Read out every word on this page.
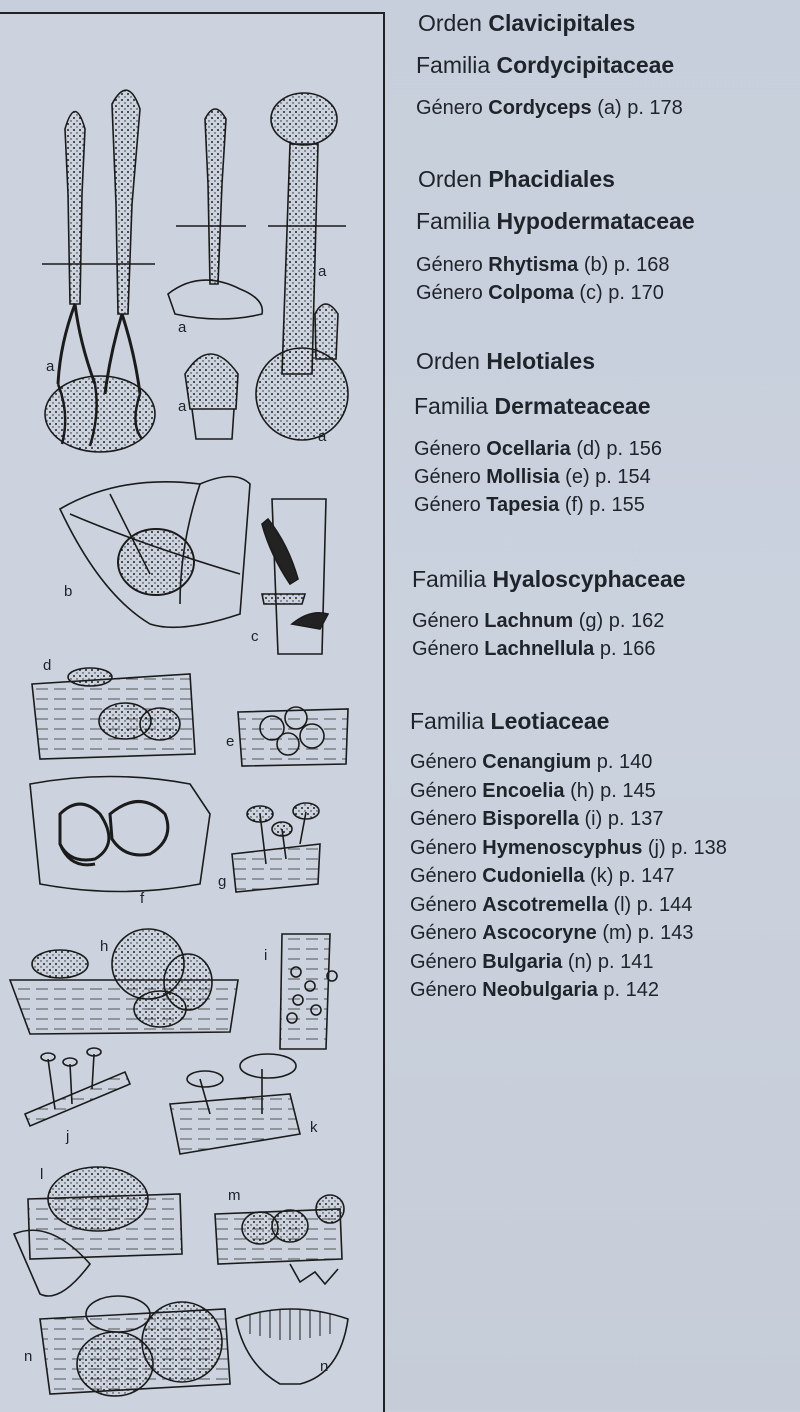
a
a
a
a
a
b
c
d
e
f
g
h
i
j
k
l
m
n
n
Orden Clavicipitales
Familia Cordycipitaceae
Género Cordyceps (a) p. 178
Orden Phacidiales
Familia Hypodermataceae
Género Rhytisma (b) p. 168
Género Colpoma (c) p. 170
Orden Helotiales
Familia Dermateaceae
Género Ocellaria (d) p. 156
Género Mollisia (e) p. 154
Género Tapesia (f) p. 155
Familia Hyaloscyphaceae
Género Lachnum (g) p. 162
Género Lachnellula p. 166
Familia Leotiaceae
Género Cenangium p. 140
Género Encoelia (h) p. 145
Género Bisporella (i) p. 137
Género Hymenoscyphus (j) p. 138
Género Cudoniella (k) p. 147
Género Ascotremella (l) p. 144
Género Ascocoryne (m) p. 143
Género Bulgaria (n) p. 141
Género Neobulgaria p. 142
